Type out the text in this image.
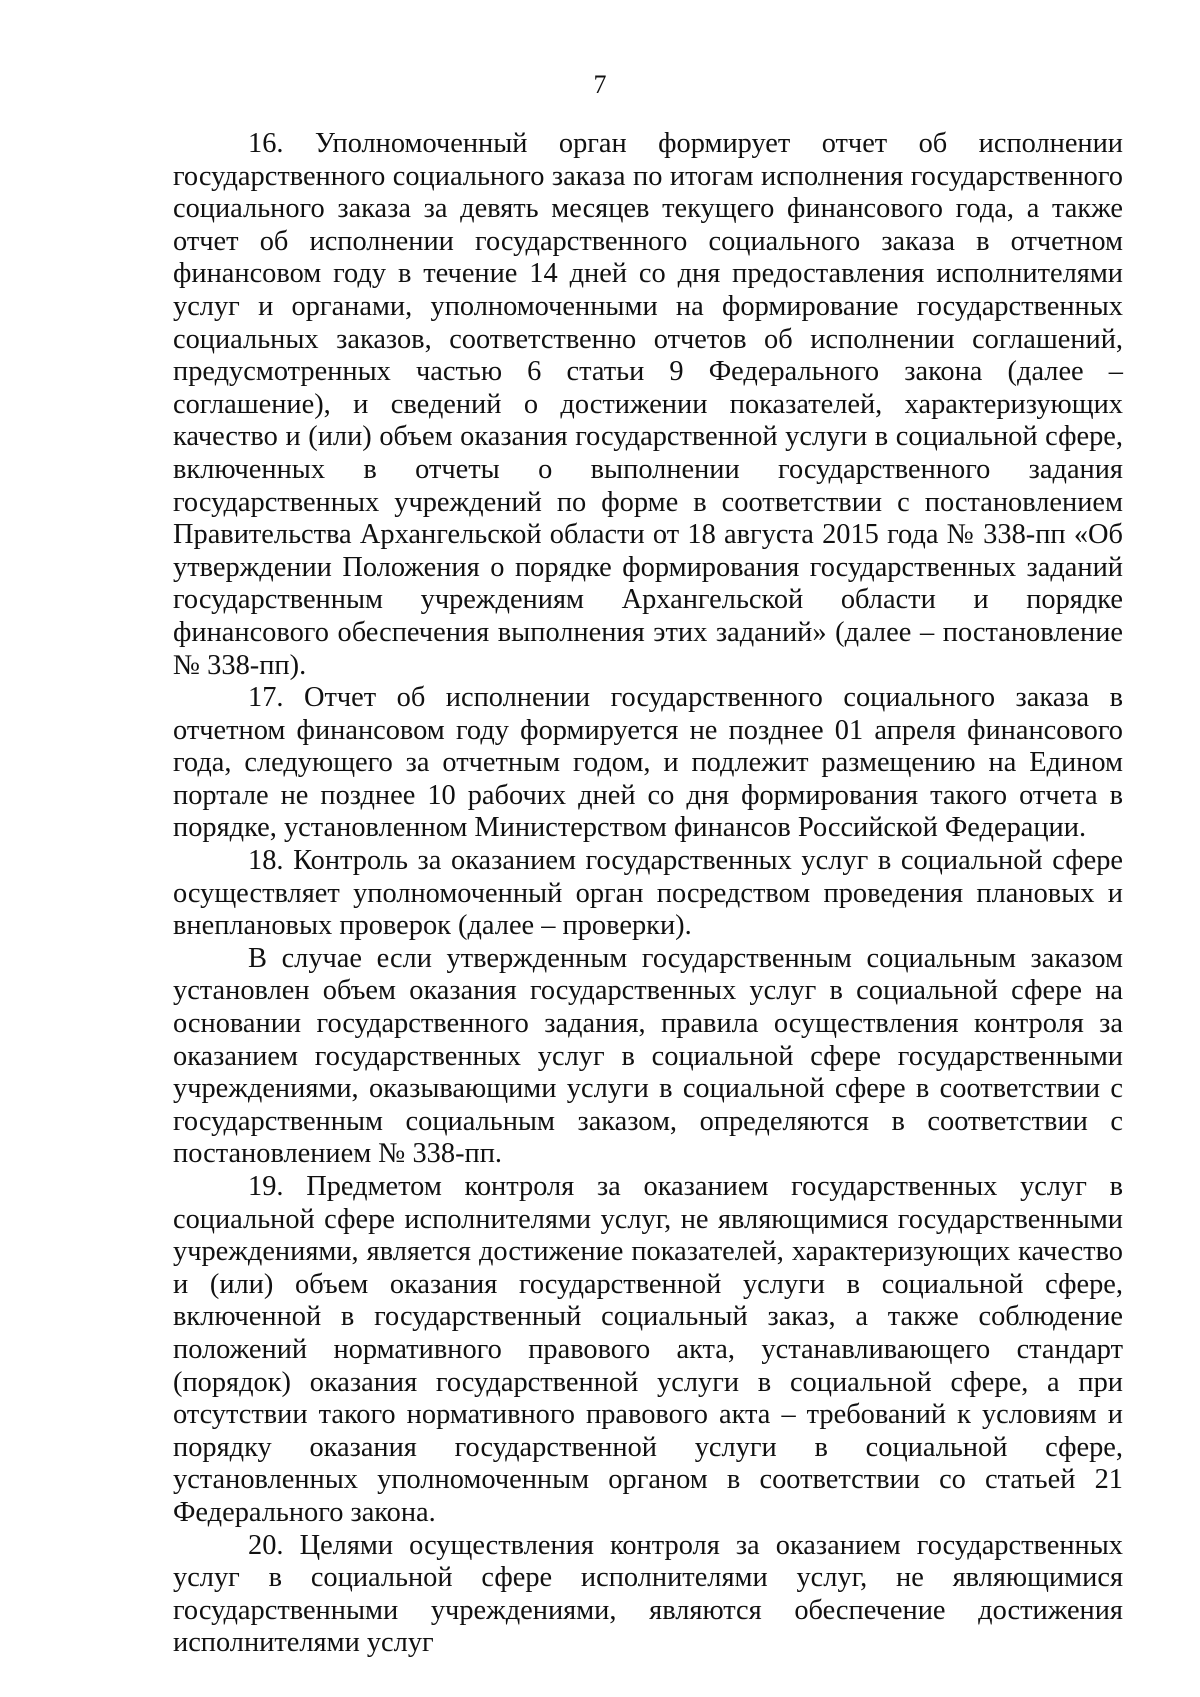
7

16. Уполномоченный орган формирует отчет об исполнении государственного социального заказа по итогам исполнения государственного социального заказа за девять месяцев текущего финансового года, а также отчет об исполнении государственного социального заказа в отчетном финансовом году в течение 14 дней со дня предоставления исполнителями услуг и органами, уполномоченными на формирование государственных социальных заказов, соответственно отчетов об исполнении соглашений, предусмотренных частью 6 статьи 9 Федерального закона (далее – соглашение), и сведений о достижении показателей, характеризующих качество и (или) объем оказания государственной услуги в социальной сфере, включенных в отчеты о выполнении государственного задания государственных учреждений по форме в соответствии с постановлением Правительства Архангельской области от 18 августа 2015 года № 338-пп «Об утверждении Положения о порядке формирования государственных заданий государственным учреждениям Архангельской области и порядке финансового обеспечения выполнения этих заданий» (далее – постановление № 338-пп).

17. Отчет об исполнении государственного социального заказа в отчетном финансовом году формируется не позднее 01 апреля финансового года, следующего за отчетным годом, и подлежит размещению на Едином портале не позднее 10 рабочих дней со дня формирования такого отчета в порядке, установленном Министерством финансов Российской Федерации.

18. Контроль за оказанием государственных услуг в социальной сфере осуществляет уполномоченный орган посредством проведения плановых и внеплановых проверок (далее – проверки).

В случае если утвержденным государственным социальным заказом установлен объем оказания государственных услуг в социальной сфере на основании государственного задания, правила осуществления контроля за оказанием государственных услуг в социальной сфере государственными учреждениями, оказывающими услуги в социальной сфере в соответствии с государственным социальным заказом, определяются в соответствии с постановлением № 338-пп.

19. Предметом контроля за оказанием государственных услуг в социальной сфере исполнителями услуг, не являющимися государственными учреждениями, является достижение показателей, характеризующих качество и (или) объем оказания государственной услуги в социальной сфере, включенной в государственный социальный заказ, а также соблюдение положений нормативного правового акта, устанавливающего стандарт (порядок) оказания государственной услуги в социальной сфере, а при отсутствии такого нормативного правового акта – требований к условиям и порядку оказания государственной услуги в социальной сфере, установленных уполномоченным органом в соответствии со статьей 21 Федерального закона.

20. Целями осуществления контроля за оказанием государственных услуг в социальной сфере исполнителями услуг, не являющимися государственными учреждениями, являются обеспечение достижения исполнителями услуг
